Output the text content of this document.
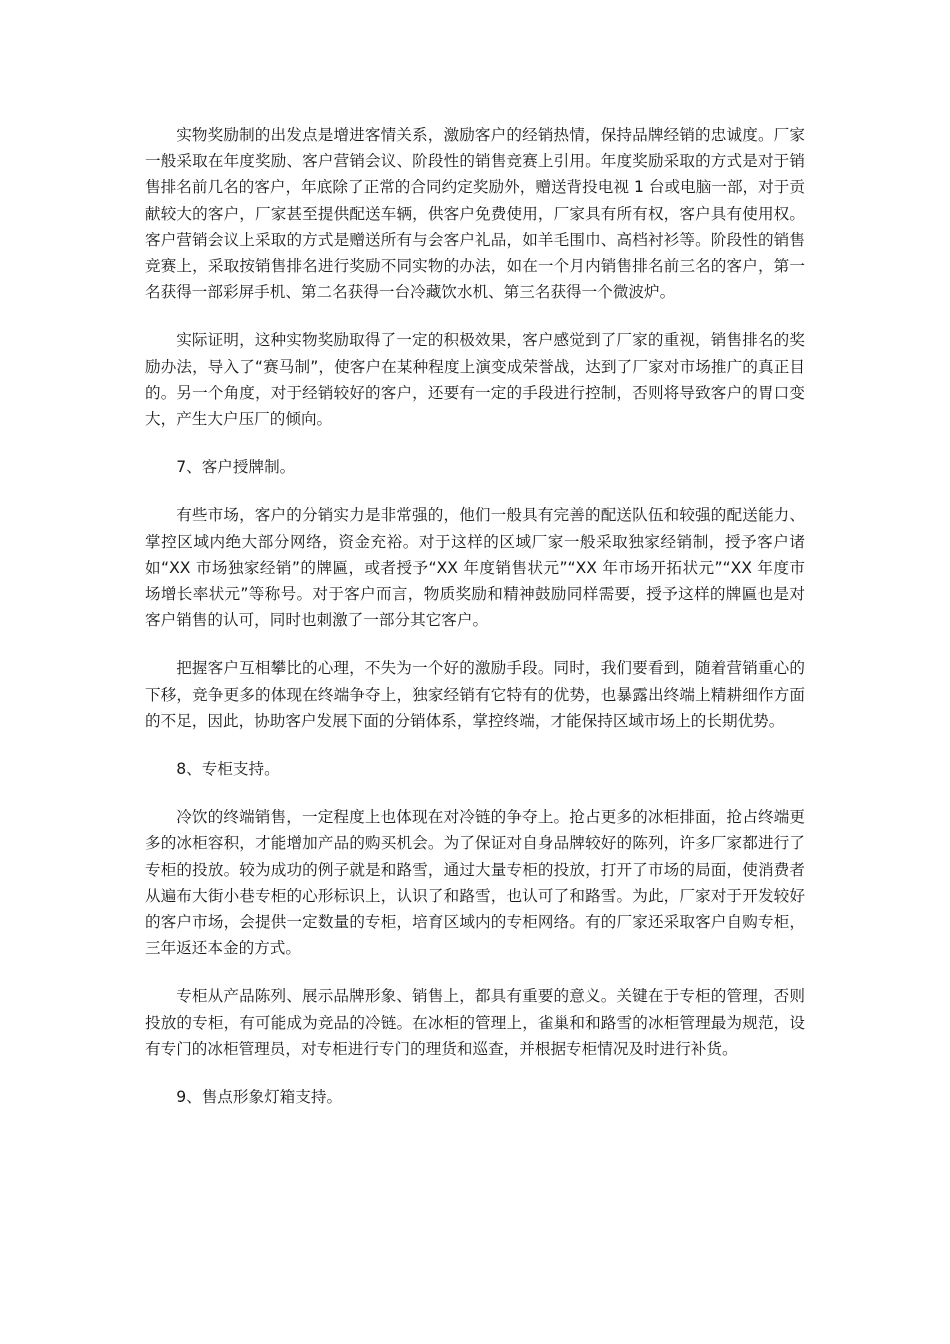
实物奖励制的出发点是增进客情关系，激励客户的经销热情，保持品牌经销的忠诚度。厂家一般采取在年度奖励、客户营销会议、阶段性的销售竞赛上引用。年度奖励采取的方式是对于销售排名前几名的客户，年底除了正常的合同约定奖励外，赠送背投电视 1 台或电脑一部，对于贡献较大的客户，厂家甚至提供配送车辆，供客户免费使用，厂家具有所有权，客户具有使用权。客户营销会议上采取的方式是赠送所有与会客户礼品，如羊毛围巾、高档衬衫等。阶段性的销售竞赛上，采取按销售排名进行奖励不同实物的办法，如在一个月内销售排名前三名的客户，第一名获得一部彩屏手机、第二名获得一台冷藏饮水机、第三名获得一个微波炉。

实际证明，这种实物奖励取得了一定的积极效果，客户感觉到了厂家的重视，销售排名的奖励办法，导入了“赛马制”，使客户在某种程度上演变成荣誉战，达到了厂家对市场推广的真正目的。另一个角度，对于经销较好的客户，还要有一定的手段进行控制，否则将导致客户的胃口变大，产生大户压厂的倾向。

7、客户授牌制。

有些市场，客户的分销实力是非常强的，他们一般具有完善的配送队伍和较强的配送能力、掌控区域内绝大部分网络，资金充裕。对于这样的区域厂家一般采取独家经销制，授予客户诸如“XX 市场独家经销”的牌匾，或者授予“XX 年度销售状元”“XX 年市场开拓状元”“XX 年度市场增长率状元”等称号。对于客户而言，物质奖励和精神鼓励同样需要，授予这样的牌匾也是对客户销售的认可，同时也刺激了一部分其它客户。

把握客户互相攀比的心理，不失为一个好的激励手段。同时，我们要看到，随着营销重心的下移，竞争更多的体现在终端争夺上，独家经销有它特有的优势，也暴露出终端上精耕细作方面的不足，因此，协助客户发展下面的分销体系，掌控终端，才能保持区域市场上的长期优势。

8、专柜支持。

冷饮的终端销售，一定程度上也体现在对冷链的争夺上。抢占更多的冰柜排面，抢占终端更多的冰柜容积，才能增加产品的购买机会。为了保证对自身品牌较好的陈列，许多厂家都进行了专柜的投放。较为成功的例子就是和路雪，通过大量专柜的投放，打开了市场的局面，使消费者从遍布大街小巷专柜的心形标识上，认识了和路雪，也认可了和路雪。为此，厂家对于开发较好的客户市场，会提供一定数量的专柜，培育区域内的专柜网络。有的厂家还采取客户自购专柜，三年返还本金的方式。

专柜从产品陈列、展示品牌形象、销售上，都具有重要的意义。关键在于专柜的管理，否则投放的专柜，有可能成为竞品的冷链。在冰柜的管理上，雀巢和和路雪的冰柜管理最为规范，设有专门的冰柜管理员，对专柜进行专门的理货和巡查，并根据专柜情况及时进行补货。

9、售点形象灯箱支持。
